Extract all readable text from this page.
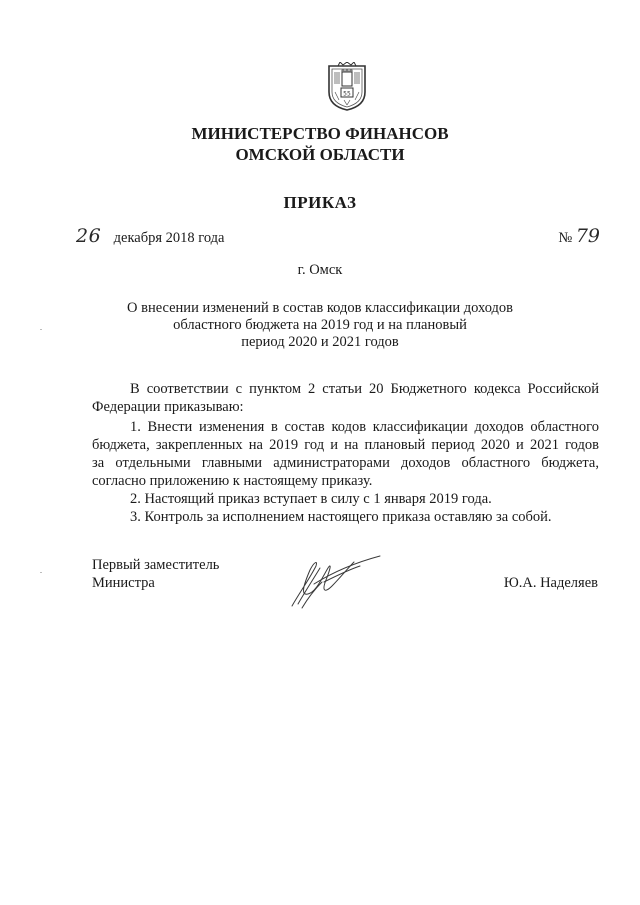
55
МИНИСТЕРСТВО ФИНАНСОВ
ОМСКОЙ ОБЛАСТИ
ПРИКАЗ
26 декабря 2018 года	№ 79
г. Омск
О внесении изменений в состав кодов классификации доходов
областного бюджета на 2019 год и на плановый
период 2020 и 2021 годов
В соответствии с пунктом 2 статьи 20 Бюджетного кодекса Российской
Федерации приказываю:
1. Внести изменения в состав кодов классификации доходов областного
бюджета, закрепленных на 2019 год и на плановый период 2020 и 2021 годов
за отдельными главными администраторами доходов областного бюджета,
согласно приложению к настоящему приказу.
2. Настоящий приказ вступает в силу с 1 января 2019 года.
3. Контроль за исполнением настоящего приказа оставляю за собой.
Первый заместитель
Министра	Ю.А. Наделяев
